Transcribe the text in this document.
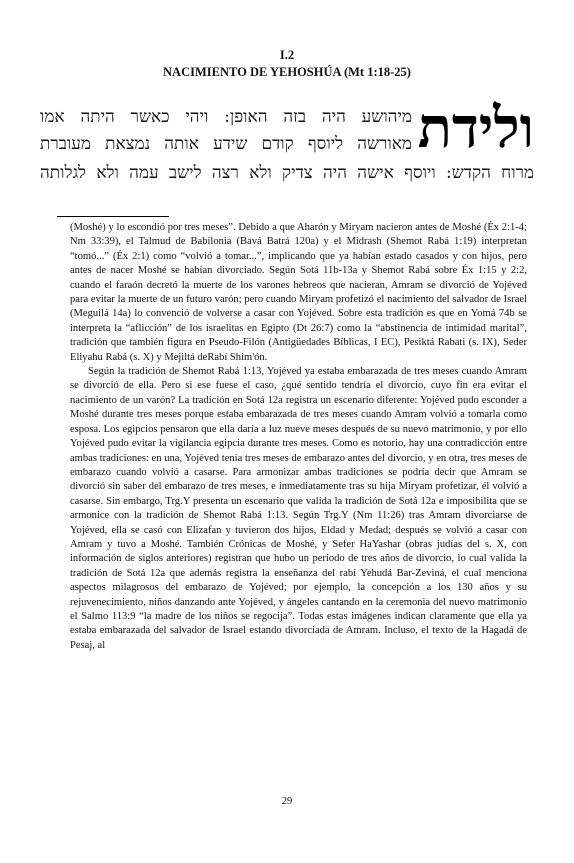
I.2
NACIMIENTO DE YEHOSHÚA (Mt 1:18-25)
ולידת
מיהושע היה בזה האופן: ויהי כאשר היתה אמו
מאורשה ליוסף קודם שידע אותה נמצאת מעוברת
מרוח הקדש: ויוסף אישה היה צדיק ולא רצה לישב עמה ולא לגלותה

(Moshé) y lo escondió por tres meses”. Debido a que Aharón y Miryam nacieron antes de Moshé (Éx 2:1-4; Nm 33:39), el Talmud de Babilonia (Bavá Batrá 120a) y el Midrash (Shemot Rabá 1:19) interpretan “tomó...” (Éx 2:1) como “volvió a tomar...”, implicando que ya habían estado casados y con hijos, pero antes de nacer Moshé se habían divorciado. Según Sotá 11b-13a y Shemot Rabá sobre Éx 1:15 y 2:2, cuando el faraón decretó la muerte de los varones hebreos que nacieran, Amram se divorció de Yojéved para evitar la muerte de un futuro varón; pero cuando Miryam profetizó el nacimiento del salvador de Israel (Meguilá 14a) lo convenció de volverse a casar con Yojéved. Sobre esta tradición es que en Yomá 74b se interpreta la “aflicción” de los israelitas en Egipto (Dt 26:7) como la “abstinencia de intimidad marital”, tradición que también figura en Pseudo-Filón (Antigüedades Bíblicas, I EC), Pesiktá Rabati (s. IX), Seder Eliyahu Rabá (s. X) y Mejiltá deRabí Shim'ón.

Según la tradición de Shemot Rabá 1:13, Yojéved ya estaba embarazada de tres meses cuando Amram se divorció de ella. Pero si ese fuese el caso, ¿qué sentido tendría el divorcio, cuyo fin era evitar el nacimiento de un varón? La tradición en Sotá 12a registra un escenario diferente: Yojéved pudo esconder a Moshé durante tres meses porque estaba embarazada de tres meses cuando Amram volvió a tomarla como esposa. Los egipcios pensaron que ella daría a luz nueve meses después de su nuevo matrimonio, y por ello Yojéved pudo evitar la vigilancia egipcia durante tres meses. Como es notorio, hay una contradicción entre ambas tradiciones: en una, Yojéved tenía tres meses de embarazo antes del divorcio, y en otra, tres meses de embarazo cuando volvió a casarse. Para armonizar ambas tradiciones se podría decir que Amram se divorció sin saber del embarazo de tres meses, e inmediatamente tras su hija Miryam profetizar, él volvió a casarse. Sin embargo, Trg.Y presenta un escenario que valida la tradición de Sotá 12a e imposibilita que se armonice con la tradición de Shemot Rabá 1:13. Según Trg.Y (Nm 11:26) tras Amram divorciarse de Yojéved, ella se casó con Elizafan y tuvieron dos hijos, Eldad y Medad; después se volvió a casar con Amram y tuvo a Moshé. También Crónicas de Moshé, y Sefer HaYashar (obras judías del s. X, con información de siglos anteriores) registran que hubo un período de tres años de divorcio, lo cual valida la tradición de Sotá 12a que además registra la enseñanza del rabí Yehudá Bar-Zeviná, el cual menciona aspectos milagrosos del embarazo de Yojéved; por ejemplo, la concepción a los 130 años y su rejuvenecimiento, niños danzando ante Yojéved, y ángeles cantando en la ceremonia del nuevo matrimonio el Salmo 113:9 “la madre de los niños se regocija”. Todas estas imágenes indican claramente que ella ya estaba embarazada del salvador de Israel estando divorciada de Amram. Incluso, el texto de la Hagadá de Pesaj, al

29
